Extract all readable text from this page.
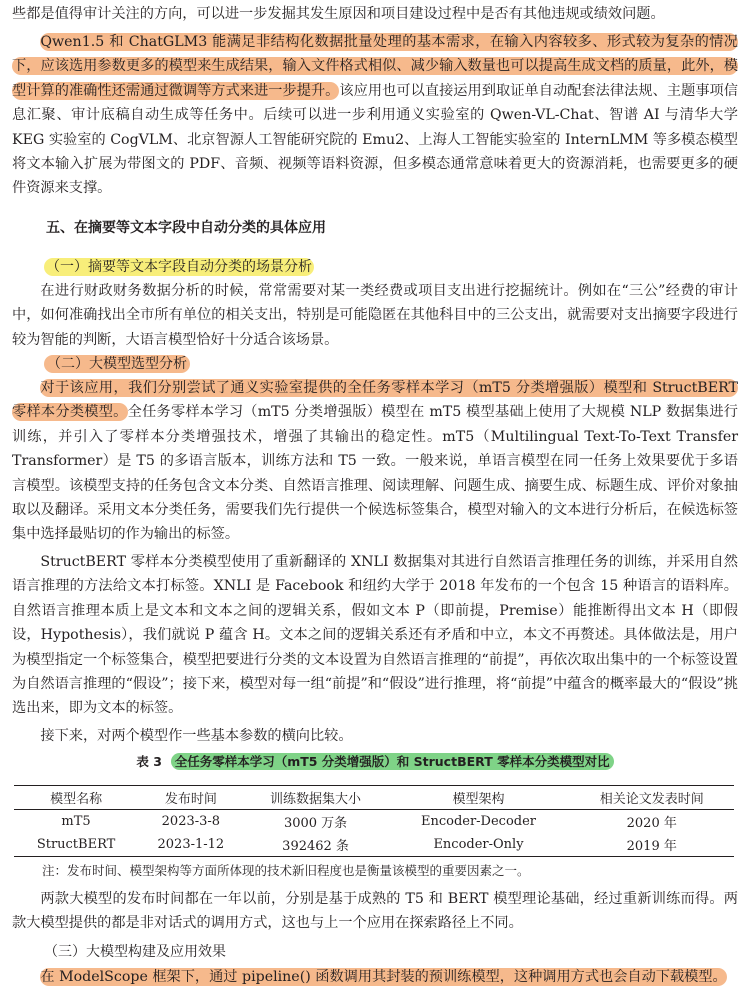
些都是值得审计关注的方向，可以进一步发掘其发生原因和项目建设过程中是否有其他违规或绩效问题。

Qwen1.5 和 ChatGLM3 能满足非结构化数据批量处理的基本需求，在输入内容较多、形式较为复杂的情况下，应该选用参数更多的模型来生成结果，输入文件格式相似、减少输入数量也可以提高生成文档的质量，此外，模型计算的准确性还需通过微调等方式来进一步提升。该应用也可以直接运用到取证单自动配套法律法规、主题事项信息汇聚、审计底稿自动生成等任务中。后续可以进一步利用通义实验室的 Qwen-VL-Chat、智谱 AI 与清华大学 KEG 实验室的 CogVLM、北京智源人工智能研究院的 Emu2、上海人工智能实验室的 InternLMM 等多模态模型将文本输入扩展为带图文的 PDF、音频、视频等语料资源，但多模态通常意味着更大的资源消耗，也需要更多的硬件资源来支撑。

五、在摘要等文本字段中自动分类的具体应用
（一）摘要等文本字段自动分类的场景分析

在进行财政财务数据分析的时候，常常需要对某一类经费或项目支出进行挖掘统计。例如在“三公”经费的审计中，如何准确找出全市所有单位的相关支出，特别是可能隐匿在其他科目中的三公支出，就需要对支出摘要字段进行较为智能的判断，大语言模型恰好十分适合该场景。

（二）大模型选型分析

对于该应用，我们分别尝试了通义实验室提供的全任务零样本学习（mT5 分类增强版）模型和 StructBERT 零样本分类模型。全任务零样本学习（mT5 分类增强版）模型在 mT5 模型基础上使用了大规模 NLP 数据集进行训练，并引入了零样本分类增强技术，增强了其输出的稳定性。mT5（Multilingual Text-To-Text Transfer Transformer）是 T5 的多语言版本，训练方法和 T5 一致。一般来说，单语言模型在同一任务上效果要优于多语言模型。该模型支持的任务包含文本分类、自然语言推理、阅读理解、问题生成、摘要生成、标题生成、评价对象抽取以及翻译。采用文本分类任务，需要我们先行提供一个候选标签集合，模型对输入的文本进行分析后，在候选标签集中选择最贴切的作为输出的标签。

StructBERT 零样本分类模型使用了重新翻译的 XNLI 数据集对其进行自然语言推理任务的训练，并采用自然语言推理的方法给文本打标签。XNLI 是 Facebook 和纽约大学于 2018 年发布的一个包含 15 种语言的语料库。自然语言推理本质上是文本和文本之间的逻辑关系，假如文本 P（即前提，Premise）能推断得出文本 H（即假设，Hypothesis），我们就说 P 蕴含 H。文本之间的逻辑关系还有矛盾和中立，本文不再赘述。具体做法是，用户为模型指定一个标签集合，模型把要进行分类的文本设置为自然语言推理的“前提”，再依次取出集中的一个标签设置为自然语言推理的“假设”；接下来，模型对每一组“前提”和“假设”进行推理，将“前提”中蕴含的概率最大的“假设”挑选出来，即为文本的标签。

接下来，对两个模型作一些基本参数的横向比较。

表 3 全任务零样本学习（mT5 分类增强版）和 StructBERT 零样本分类模型对比
模型名称	发布时间	训练数据集大小	模型架构	相关论文发表时间
mT5	2023-3-8	3000 万条	Encoder-Decoder	2020 年
StructBERT	2023-1-12	392462 条	Encoder-Only	2019 年
注：发布时间、模型架构等方面所体现的技术新旧程度也是衡量该模型的重要因素之一。

两款大模型的发布时间都在一年以前，分别是基于成熟的 T5 和 BERT 模型理论基础，经过重新训练而得。两款大模型提供的都是非对话式的调用方式，这也与上一个应用在探索路径上不同。

（三）大模型构建及应用效果

在 ModelScope 框架下，通过 pipeline() 函数调用其封装的预训练模型，这种调用方式也会自动下载模型。
